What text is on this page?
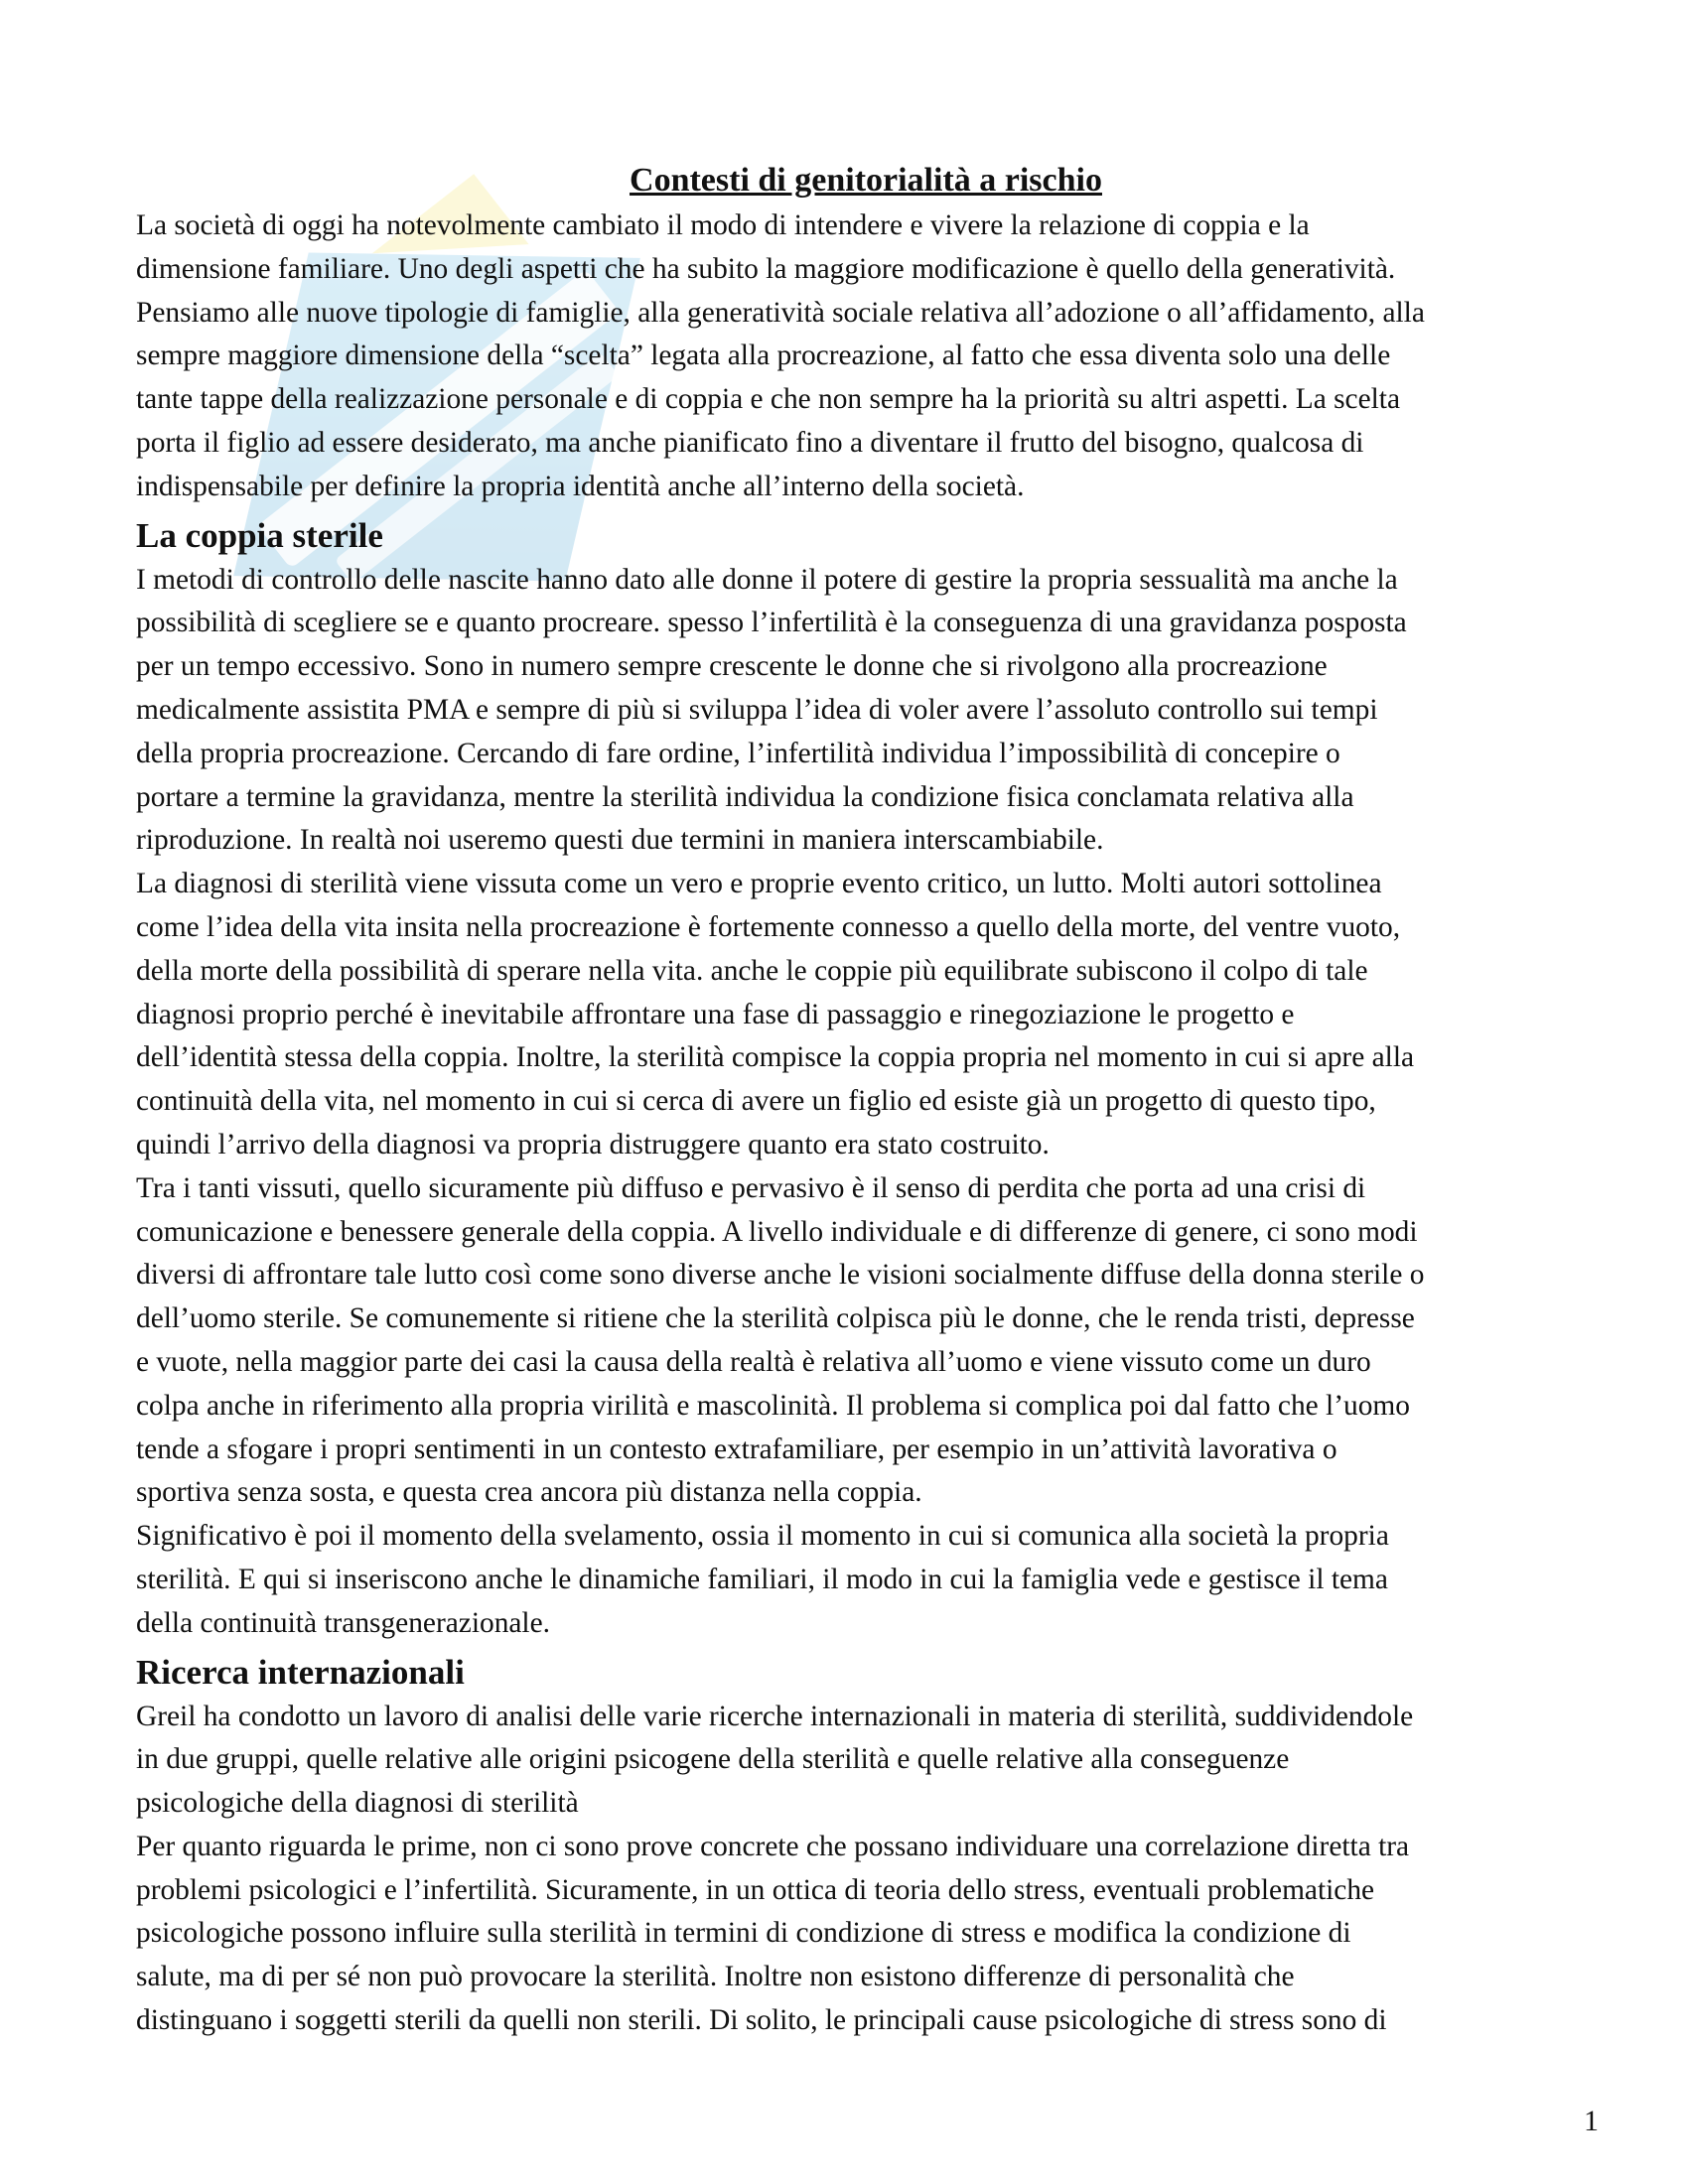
Contesti di genitorialità a rischio

La società di oggi ha notevolmente cambiato il modo di intendere e vivere la relazione di coppia e la
dimensione familiare. Uno degli aspetti che ha subito la maggiore modificazione è quello della generatività.
Pensiamo alle nuove tipologie di famiglie, alla generatività sociale relativa all’adozione o all’affidamento, alla
sempre maggiore dimensione della “scelta” legata alla procreazione, al fatto che essa diventa solo una delle
tante tappe della realizzazione personale e di coppia e che non sempre ha la priorità su altri aspetti. La scelta
porta il figlio ad essere desiderato, ma anche pianificato fino a diventare il frutto del bisogno, qualcosa di
indispensabile per definire la propria identità anche all’interno della società.

La coppia sterile

I metodi di controllo delle nascite hanno dato alle donne il potere di gestire la propria sessualità ma anche la
possibilità di scegliere se e quanto procreare. spesso l’infertilità è la conseguenza di una gravidanza posposta
per un tempo eccessivo. Sono in numero sempre crescente le donne che si rivolgono alla procreazione
medicalmente assistita PMA e sempre di più si sviluppa l’idea di voler avere l’assoluto controllo sui tempi
della propria procreazione. Cercando di fare ordine, l’infertilità individua l’impossibilità di concepire o
portare a termine la gravidanza, mentre la sterilità individua la condizione fisica conclamata relativa alla
riproduzione. In realtà noi useremo questi due termini in maniera interscambiabile.

La diagnosi di sterilità viene vissuta come un vero e proprie evento critico, un lutto. Molti autori sottolinea
come l’idea della vita insita nella procreazione è fortemente connesso a quello della morte, del ventre vuoto,
della morte della possibilità di sperare nella vita. anche le coppie più equilibrate subiscono il colpo di tale
diagnosi proprio perché è inevitabile affrontare una fase di passaggio e rinegoziazione le progetto e
dell’identità stessa della coppia. Inoltre, la sterilità compisce la coppia propria nel momento in cui si apre alla
continuità della vita, nel momento in cui si cerca di avere un figlio ed esiste già un progetto di questo tipo,
quindi l’arrivo della diagnosi va propria distruggere quanto era stato costruito.

Tra i tanti vissuti, quello sicuramente più diffuso e pervasivo è il senso di perdita che porta ad una crisi di
comunicazione e benessere generale della coppia. A livello individuale e di differenze di genere, ci sono modi
diversi di affrontare tale lutto così come sono diverse anche le visioni socialmente diffuse della donna sterile o
dell’uomo sterile. Se comunemente si ritiene che la sterilità colpisca più le donne, che le renda tristi, depresse
e vuote, nella maggior parte dei casi la causa della realtà è relativa all’uomo e viene vissuto come un duro
colpa anche in riferimento alla propria virilità e mascolinità. Il problema si complica poi dal fatto che l’uomo
tende a sfogare i propri sentimenti in un contesto extrafamiliare, per esempio in un’attività lavorativa o
sportiva senza sosta, e questa crea ancora più distanza nella coppia.

Significativo è poi il momento della svelamento, ossia il momento in cui si comunica alla società la propria
sterilità. E qui si inseriscono anche le dinamiche familiari, il modo in cui la famiglia vede e gestisce il tema
della continuità transgenerazionale.

Ricerca internazionali

Greil ha condotto un lavoro di analisi delle varie ricerche internazionali in materia di sterilità, suddividendole
in due gruppi, quelle relative alle origini psicogene della sterilità e quelle relative alla conseguenze
psicologiche della diagnosi di sterilità

Per quanto riguarda le prime, non ci sono prove concrete che possano individuare una correlazione diretta tra
problemi psicologici e l’infertilità. Sicuramente, in un ottica di teoria dello stress, eventuali problematiche
psicologiche possono influire sulla sterilità in termini di condizione di stress e modifica la condizione di
salute, ma di per sé non può provocare la sterilità. Inoltre non esistono differenze di personalità che
distinguano i soggetti sterili da quelli non sterili. Di solito, le principali cause psicologiche di stress sono di

1
